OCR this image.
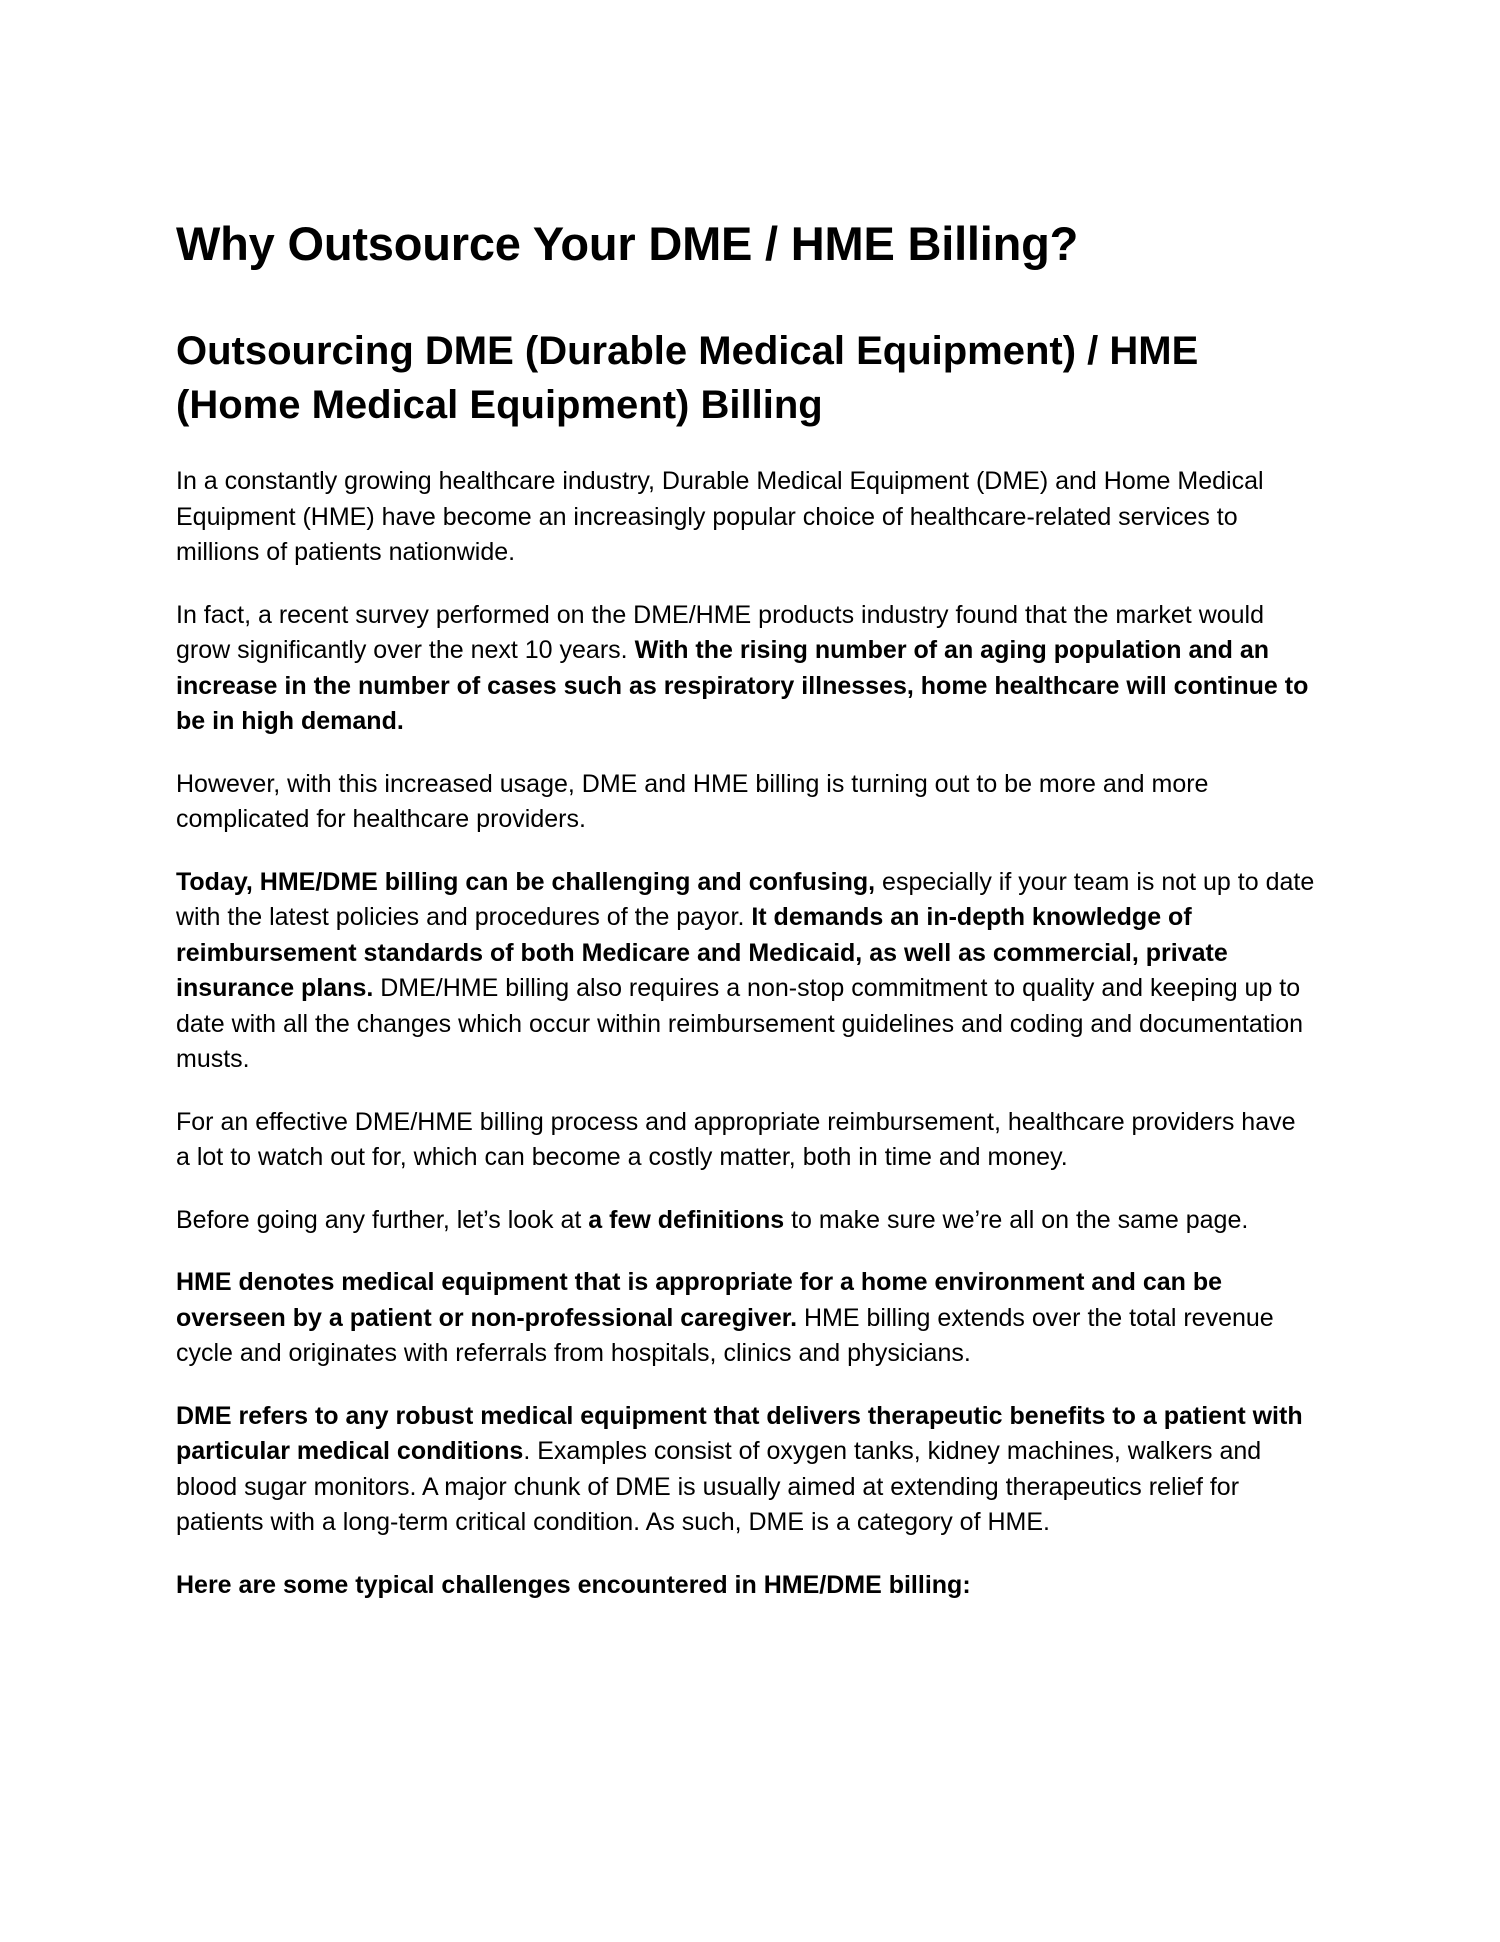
Why Outsource Your DME / HME Billing?
Outsourcing DME (Durable Medical Equipment) / HME (Home Medical Equipment) Billing

In a constantly growing healthcare industry, Durable Medical Equipment (DME) and Home Medical Equipment (HME) have become an increasingly popular choice of healthcare-related services to millions of patients nationwide.

In fact, a recent survey performed on the DME/HME products industry found that the market would grow significantly over the next 10 years. With the rising number of an aging population and an increase in the number of cases such as respiratory illnesses, home healthcare will continue to be in high demand.

However, with this increased usage, DME and HME billing is turning out to be more and more complicated for healthcare providers.

Today, HME/DME billing can be challenging and confusing, especially if your team is not up to date with the latest policies and procedures of the payor. It demands an in-depth knowledge of reimbursement standards of both Medicare and Medicaid, as well as commercial, private insurance plans. DME/HME billing also requires a non-stop commitment to quality and keeping up to date with all the changes which occur within reimbursement guidelines and coding and documentation musts.

For an effective DME/HME billing process and appropriate reimbursement, healthcare providers have a lot to watch out for, which can become a costly matter, both in time and money.

Before going any further, let’s look at a few definitions to make sure we’re all on the same page.

HME denotes medical equipment that is appropriate for a home environment and can be overseen by a patient or non-professional caregiver. HME billing extends over the total revenue cycle and originates with referrals from hospitals, clinics and physicians.

DME refers to any robust medical equipment that delivers therapeutic benefits to a patient with particular medical conditions. Examples consist of oxygen tanks, kidney machines, walkers and blood sugar monitors. A major chunk of DME is usually aimed at extending therapeutics relief for patients with a long-term critical condition. As such, DME is a category of HME.

Here are some typical challenges encountered in HME/DME billing:
